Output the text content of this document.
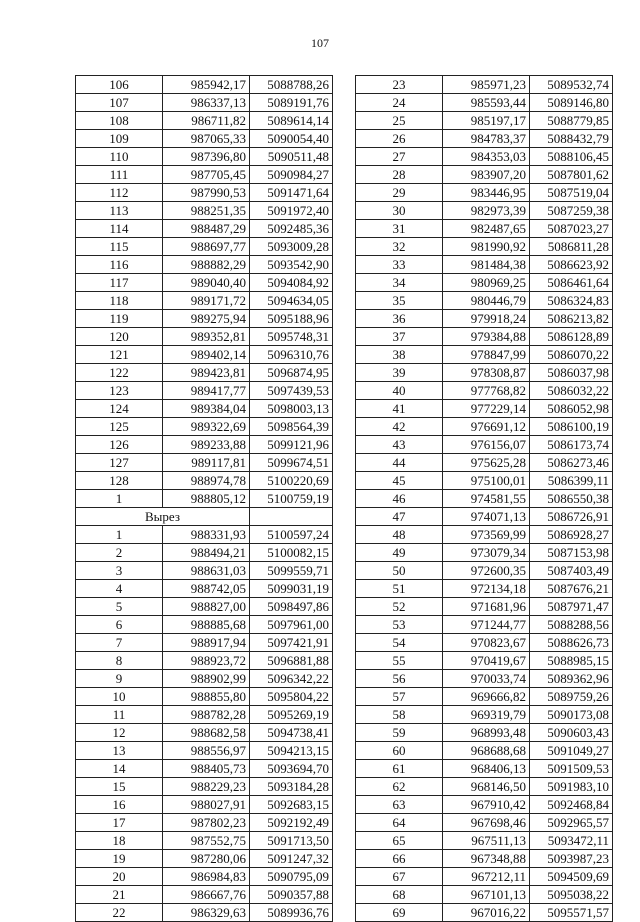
107
106	985942,17	5088788,26
107	986337,13	5089191,76
108	986711,82	5089614,14
109	987065,33	5090054,40
110	987396,80	5090511,48
111	987705,45	5090984,27
112	987990,53	5091471,64
113	988251,35	5091972,40
114	988487,29	5092485,36
115	988697,77	5093009,28
116	988882,29	5093542,90
117	989040,40	5094084,92
118	989171,72	5094634,05
119	989275,94	5095188,96
120	989352,81	5095748,31
121	989402,14	5096310,76
122	989423,81	5096874,95
123	989417,77	5097439,53
124	989384,04	5098003,13
125	989322,69	5098564,39
126	989233,88	5099121,96
127	989117,81	5099674,51
128	988974,78	5100220,69
1	988805,12	5100759,19
Вырез		
1	988331,93	5100597,24
2	988494,21	5100082,15
3	988631,03	5099559,71
4	988742,05	5099031,19
5	988827,00	5098497,86
6	988885,68	5097961,00
7	988917,94	5097421,91
8	988923,72	5096881,88
9	988902,99	5096342,22
10	988855,80	5095804,22
11	988782,28	5095269,19
12	988682,58	5094738,41
13	988556,97	5094213,15
14	988405,73	5093694,70
15	988229,23	5093184,28
16	988027,91	5092683,15
17	987802,23	5092192,49
18	987552,75	5091713,50
19	987280,06	5091247,32
20	986984,83	5090795,09
21	986667,76	5090357,88
22	986329,63	5089936,76
23	985971,23	5089532,74
24	985593,44	5089146,80
25	985197,17	5088779,85
26	984783,37	5088432,79
27	984353,03	5088106,45
28	983907,20	5087801,62
29	983446,95	5087519,04
30	982973,39	5087259,38
31	982487,65	5087023,27
32	981990,92	5086811,28
33	981484,38	5086623,92
34	980969,25	5086461,64
35	980446,79	5086324,83
36	979918,24	5086213,82
37	979384,88	5086128,89
38	978847,99	5086070,22
39	978308,87	5086037,98
40	977768,82	5086032,22
41	977229,14	5086052,98
42	976691,12	5086100,19
43	976156,07	5086173,74
44	975625,28	5086273,46
45	975100,01	5086399,11
46	974581,55	5086550,38
47	974071,13	5086726,91
48	973569,99	5086928,27
49	973079,34	5087153,98
50	972600,35	5087403,49
51	972134,18	5087676,21
52	971681,96	5087971,47
53	971244,77	5088288,56
54	970823,67	5088626,73
55	970419,67	5088985,15
56	970033,74	5089362,96
57	969666,82	5089759,26
58	969319,79	5090173,08
59	968993,48	5090603,43
60	968688,68	5091049,27
61	968406,13	5091509,53
62	968146,50	5091983,10
63	967910,42	5092468,84
64	967698,46	5092965,57
65	967511,13	5093472,11
66	967348,88	5093987,23
67	967212,11	5094509,69
68	967101,13	5095038,22
69	967016,22	5095571,57
